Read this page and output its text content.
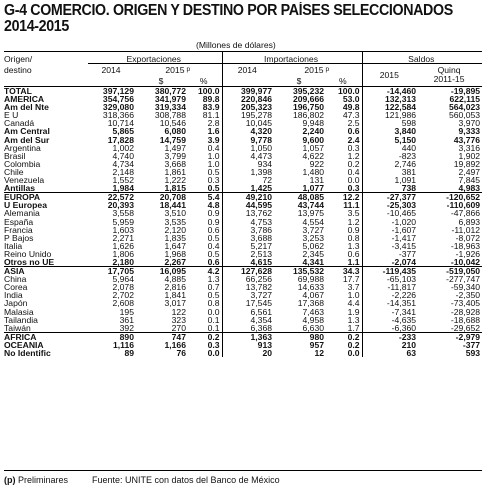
G-4 COMERCIO. ORIGEN Y DESTINO POR PAÍSES SELECCIONADOS
2014-2015
(Millones de dólares)
Origen/	Exportaciones			Importaciones			Saldos	
destino	2014	2015 $^p$		2014	2015 $^p$		2015	Quinq
2011-15
		$	%		$	%		
TOTAL	397,129	380,772	100.0	399,977	395,232	100.0	-14,460	-19,895
AMERICA	354,756	341,979	89.8	220,846	209,666	53.0	132,313	622,115
Am del Nte	329,080	319,334	83.9	205,323	196,750	49.8	122,584	564,023
E U	318,366	308,788	81.1	195,278	186,802	47.3	121,986	560,053
Canadá	10,714	10,546	2.8	10,045	9,948	2.5	598	3,970
Am Central	5,865	6,080	1.6	4,320	2,240	0.6	3,840	9,333
Am del Sur	17,828	14,759	3.9	9,778	9,600	2.4	5,150	43,776
Argentina	1,002	1,497	0.4	1,050	1,057	0.3	440	3,316
Brasil	4,740	3,799	1.0	4,473	4,622	1.2	-823	1,902
Colombia	4,734	3,668	1.0	934	922	0.2	2,746	19,892
Chile	2,148	1,861	0.5	1,398	1,480	0.4	381	2,497
Venezuela	1,552	1,222	0.3	72	131	0.0	1,091	7,845
Antillas	1,984	1,815	0.5	1,425	1,077	0.3	738	4,983
EUROPA	22,572	20,708	5.4	49,210	48,085	12.2	-27,377	-120,652
U Europea	20,393	18,441	4.8	44,595	43,744	11.1	-25,303	-110,609
Alemania	3,558	3,510	0.9	13,762	13,975	3.5	-10,465	-47,866
España	5,959	3,535	0.9	4,753	4,554	1.2	-1,020	6,893
Francia	1,603	2,120	0.6	3,786	3,727	0.9	-1,607	-11,012
P Bajos	2,271	1,835	0.5	3,688	3,253	0.8	-1,417	-8,072
Italia	1,626	1,647	0.4	5,217	5,062	1.3	-3,415	-18,963
Reino Unido	1,806	1,968	0.5	2,513	2,345	0.6	-377	-1,926
Otros no UE	2,180	2,267	0.6	4,615	4,341	1.1	-2,074	-10,042
ASIA	17,705	16,095	4.2	127,628	135,532	34.3	-119,435	-519,050
China	5,964	4,885	1.3	66,256	69,988	17.7	-65,103	-277,747
Corea	2,078	2,816	0.7	13,782	14,633	3.7	-11,817	-59,340
India	2,702	1,841	0.5	3,727	4,067	1.0	-2,226	-2,350
Japón	2,608	3,017	0.8	17,545	17,368	4.4	-14,351	-73,405
Malasia	195	122	0.0	6,561	7,463	1.9	-7,341	-28,928
Tailandia	361	323	0.1	4,354	4,958	1.3	-4,635	-18,688
Taiwán	392	270	0.1	6,368	6,630	1.7	-6,360	-29,652
AFRICA	890	747	0.2	1,363	980	0.2	-233	-2,979
OCEANIA	1,116	1,166	0.3	913	957	0.2	210	-377
No Identific	89	76	0.0	20	12	0.0	63	593
(p) Preliminares	Fuente: UNITE con datos del Banco de México
